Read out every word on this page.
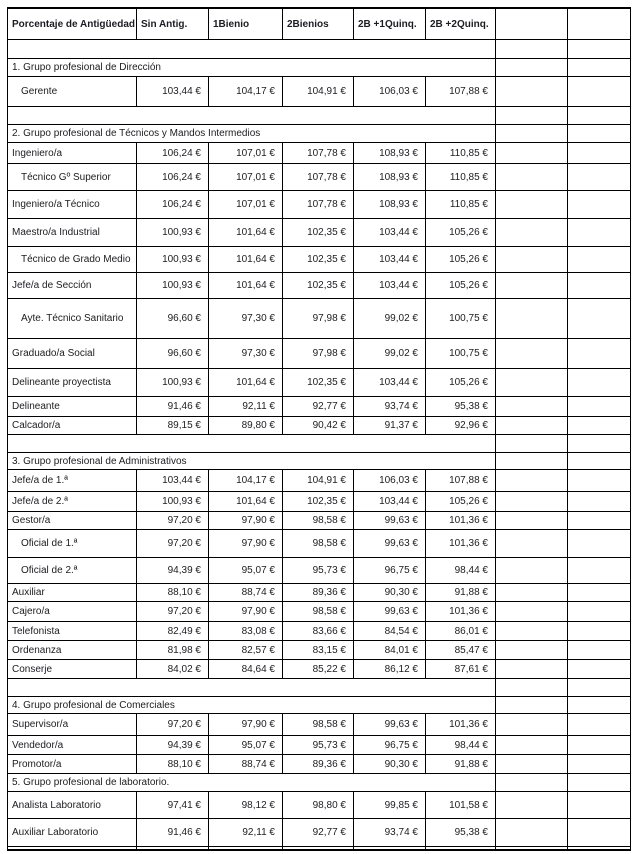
Porcentaje de Antigüedad	Sin Antig.	1Bienio	2Bienios	2B +1Quinq.	2B +2Quinq.		

1. Grupo profesional de Dirección							
Gerente	103,44 €	104,17 €	104,91 €	106,03 €	107,88 €		

2. Grupo profesional de Técnicos y Mandos Intermedios							
Ingeniero/a	106,24 €	107,01 €	107,78 €	108,93 €	110,85 €		
Técnico Gº Superior	106,24 €	107,01 €	107,78 €	108,93 €	110,85 €		
Ingeniero/a Técnico	106,24 €	107,01 €	107,78 €	108,93 €	110,85 €		
Maestro/a Industrial	100,93 €	101,64 €	102,35 €	103,44 €	105,26 €		
Técnico de Grado Medio	100,93 €	101,64 €	102,35 €	103,44 €	105,26 €		
Jefe/a de Sección	100,93 €	101,64 €	102,35 €	103,44 €	105,26 €		
Ayte. Técnico Sanitario	96,60 €	97,30 €	97,98 €	99,02 €	100,75 €		
Graduado/a Social	96,60 €	97,30 €	97,98 €	99,02 €	100,75 €		
Delineante proyectista	100,93 €	101,64 €	102,35 €	103,44 €	105,26 €		
Delineante	91,46 €	92,11 €	92,77 €	93,74 €	95,38 €		
Calcador/a	89,15 €	89,80 €	90,42 €	91,37 €	92,96 €		

3. Grupo profesional de Administrativos							
Jefe/a de 1.ª	103,44 €	104,17 €	104,91 €	106,03 €	107,88 €		
Jefe/a de 2.ª	100,93 €	101,64 €	102,35 €	103,44 €	105,26 €		
Gestor/a	97,20 €	97,90 €	98,58 €	99,63 €	101,36 €		
Oficial de 1.ª	97,20 €	97,90 €	98,58 €	99,63 €	101,36 €		
Oficial de 2.ª	94,39 €	95,07 €	95,73 €	96,75 €	98,44 €		
Auxiliar	88,10 €	88,74 €	89,36 €	90,30 €	91,88 €		
Cajero/a	97,20 €	97,90 €	98,58 €	99,63 €	101,36 €		
Telefonista	82,49 €	83,08 €	83,66 €	84,54 €	86,01 €		
Ordenanza	81,98 €	82,57 €	83,15 €	84,01 €	85,47 €		
Conserje	84,02 €	84,64 €	85,22 €	86,12 €	87,61 €		

4. Grupo profesional de Comerciales							
Supervisor/a	97,20 €	97,90 €	98,58 €	99,63 €	101,36 €		
Vendedor/a	94,39 €	95,07 €	95,73 €	96,75 €	98,44 €		
Promotor/a	88,10 €	88,74 €	89,36 €	90,30 €	91,88 €		
5. Grupo profesional de laboratorio.							
Analista Laboratorio	97,41 €	98,12 €	98,80 €	99,85 €	101,58 €		
Auxiliar Laboratorio	91,46 €	92,11 €	92,77 €	93,74 €	95,38 €		
